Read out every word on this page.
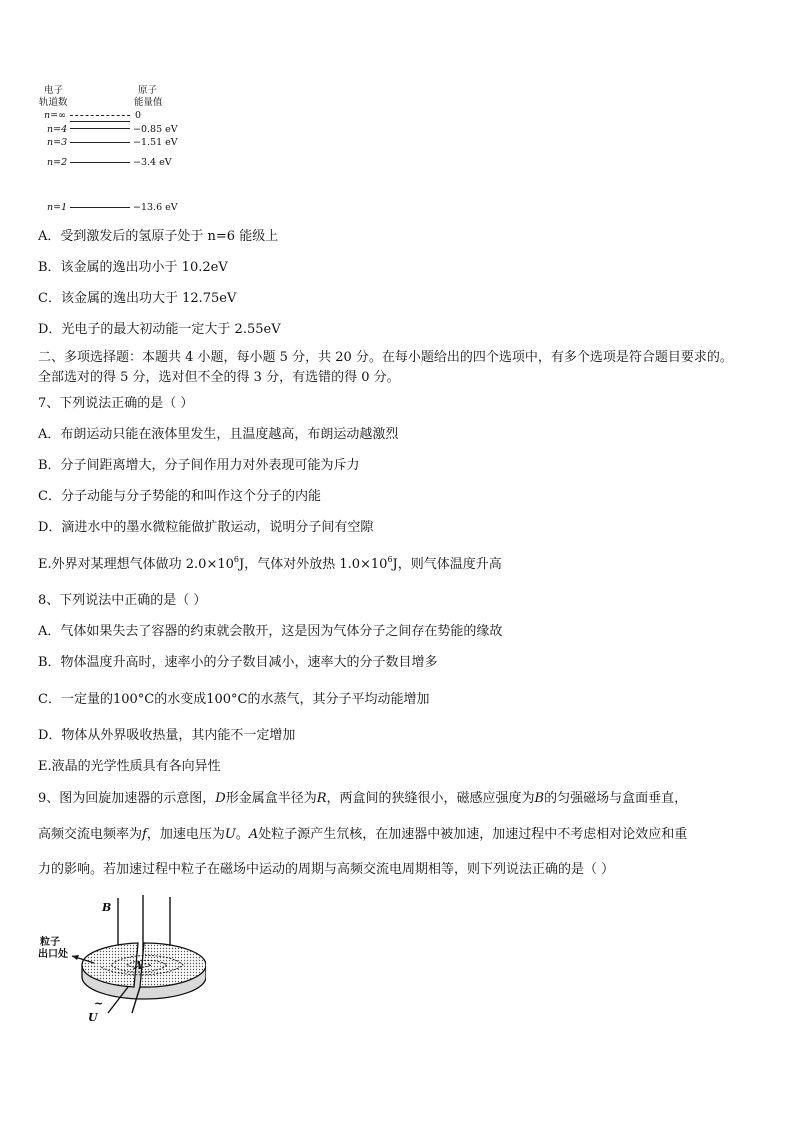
电子
轨道数
原子
能量值
n=∞	0
n=4	−0.85 eV
n=3	−1.51 eV
n=2	−3.4 eV
n=1	−13.6 eV
A．受到激发后的氢原子处于 n=6 能级上
B．该金属的逸出功小于 10.2eV
C．该金属的逸出功大于 12.75eV
D．光电子的最大初动能一定大于 2.55eV
二、多项选择题：本题共 4 小题，每小题 5 分，共 20 分。在每小题给出的四个选项中，有多个选项是符合题目要求的。
全部选对的得 5 分，选对但不全的得 3 分，有选错的得 0 分。
7、下列说法正确的是（ ）
A．布朗运动只能在液体里发生，且温度越高，布朗运动越激烈
B．分子间距离增大，分子间作用力对外表现可能为斥力
C．分子动能与分子势能的和叫作这个分子的内能
D．滴进水中的墨水微粒能做扩散运动，说明分子间有空隙
E.外界对某理想气体做功 $2.0\times 10^6J$，气体对外放热 $1.0\times 10^6J$，则气体温度升高
8、下列说法中正确的是（ ）
A．气体如果失去了容器的约束就会散开，这是因为气体分子之间存在势能的缘故
B．物体温度升高时，速率小的分子数目减小，速率大的分子数目增多
C．一定量的100°C的水变成100°C的水蒸气，其分子平均动能增加
D．物体从外界吸收热量，其内能不一定增加
E.液晶的光学性质具有各向异性
9、图为回旋加速器的示意图，D形金属盒半径为R，两盒间的狭缝很小，磁感应强度为B的匀强磁场与盒面垂直，
高频交流电频率为f，加速电压为U。A处粒子源产生氘核，在加速器中被加速，加速过程中不考虑相对论效应和重
力的影响。若加速过程中粒子在磁场中运动的周期与高频交流电周期相等，则下列说法正确的是（ ）
B
粒子
出口处
A
~
U
